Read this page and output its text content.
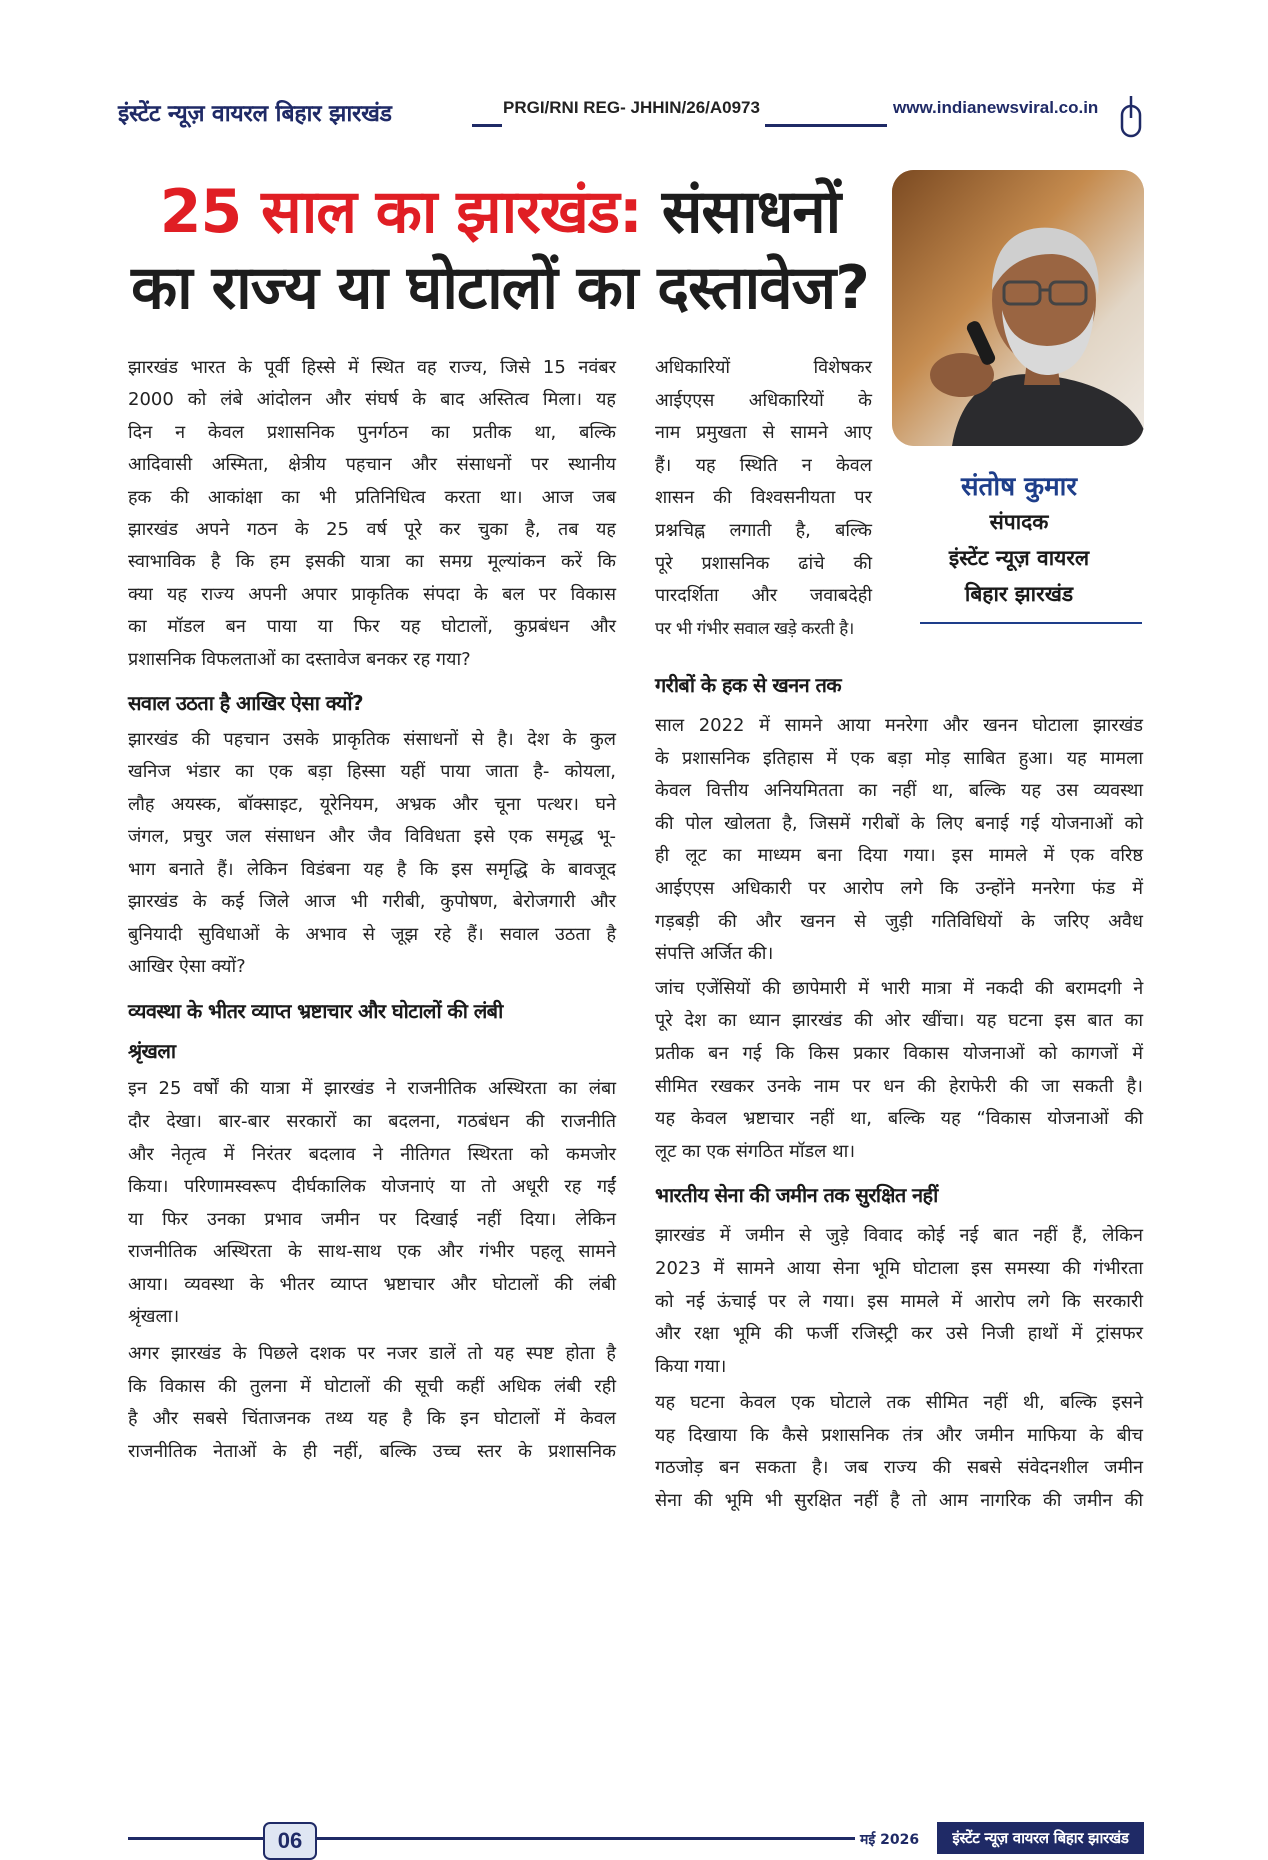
इंस्टेंट न्यूज़ वायरल बिहार झारखंड	PRGI/RNI REG- JHHIN/26/A0973	www.indianewsviral.co.in
25 साल का झारखंड: संसाधनों
का राज्य या घोटालों का दस्तावेज?
संतोष कुमार
संपादक
इंस्टेंट न्यूज़ वायरल
बिहार झारखंड
झारखंड भारत के पूर्वी हिस्से में स्थित वह राज्य, जिसे 15 नवंबर
2000 को लंबे आंदोलन और संघर्ष के बाद अस्तित्व मिला। यह
दिन न केवल प्रशासनिक पुनर्गठन का प्रतीक था, बल्कि
आदिवासी अस्मिता, क्षेत्रीय पहचान और संसाधनों पर स्थानीय
हक की आकांक्षा का भी प्रतिनिधित्व करता था। आज जब
झारखंड अपने गठन के 25 वर्ष पूरे कर चुका है, तब यह
स्वाभाविक है कि हम इसकी यात्रा का समग्र मूल्यांकन करें कि
क्या यह राज्य अपनी अपार प्राकृतिक संपदा के बल पर विकास
का मॉडल बन पाया या फिर यह घोटालों, कुप्रबंधन और
प्रशासनिक विफलताओं का दस्तावेज बनकर रह गया?
सवाल उठता है आखिर ऐसा क्यों?
झारखंड की पहचान उसके प्राकृतिक संसाधनों से है। देश के कुल
खनिज भंडार का एक बड़ा हिस्सा यहीं पाया जाता है- कोयला,
लौह अयस्क, बॉक्साइट, यूरेनियम, अभ्रक और चूना पत्थर। घने
जंगल, प्रचुर जल संसाधन और जैव विविधता इसे एक समृद्ध भू-
भाग बनाते हैं। लेकिन विडंबना यह है कि इस समृद्धि के बावजूद
झारखंड के कई जिले आज भी गरीबी, कुपोषण, बेरोजगारी और
बुनियादी सुविधाओं के अभाव से जूझ रहे हैं। सवाल उठता है
आखिर ऐसा क्यों?
व्यवस्था के भीतर व्याप्त भ्रष्टाचार और घोटालों की लंबी
श्रृंखला
इन 25 वर्षों की यात्रा में झारखंड ने राजनीतिक अस्थिरता का लंबा
दौर देखा। बार-बार सरकारों का बदलना, गठबंधन की राजनीति
और नेतृत्व में निरंतर बदलाव ने नीतिगत स्थिरता को कमजोर
किया। परिणामस्वरूप दीर्घकालिक योजनाएं या तो अधूरी रह गईं
या फिर उनका प्रभाव जमीन पर दिखाई नहीं दिया। लेकिन
राजनीतिक अस्थिरता के साथ-साथ एक और गंभीर पहलू सामने
आया। व्यवस्था के भीतर व्याप्त भ्रष्टाचार और घोटालों की लंबी
श्रृंखला।
अगर झारखंड के पिछले दशक पर नजर डालें तो यह स्पष्ट होता है
कि विकास की तुलना में घोटालों की सूची कहीं अधिक लंबी रही
है और सबसे चिंताजनक तथ्य यह है कि इन घोटालों में केवल
राजनीतिक नेताओं के ही नहीं, बल्कि उच्च स्तर के प्रशासनिक
अधिकारियों विशेषकर
आईएएस अधिकारियों के
नाम प्रमुखता से सामने आए
हैं। यह स्थिति न केवल
शासन की विश्वसनीयता पर
प्रश्नचिह्न लगाती है, बल्कि
पूरे प्रशासनिक ढांचे की
पारदर्शिता और जवाबदेही
पर भी गंभीर सवाल खड़े करती है।
गरीबों के हक से खनन तक
साल 2022 में सामने आया मनरेगा और खनन घोटाला झारखंड
के प्रशासनिक इतिहास में एक बड़ा मोड़ साबित हुआ। यह मामला
केवल वित्तीय अनियमितता का नहीं था, बल्कि यह उस व्यवस्था
की पोल खोलता है, जिसमें गरीबों के लिए बनाई गई योजनाओं को
ही लूट का माध्यम बना दिया गया। इस मामले में एक वरिष्ठ
आईएएस अधिकारी पर आरोप लगे कि उन्होंने मनरेगा फंड में
गड़बड़ी की और खनन से जुड़ी गतिविधियों के जरिए अवैध
संपत्ति अर्जित की।
जांच एजेंसियों की छापेमारी में भारी मात्रा में नकदी की बरामदगी ने
पूरे देश का ध्यान झारखंड की ओर खींचा। यह घटना इस बात का
प्रतीक बन गई कि किस प्रकार विकास योजनाओं को कागजों में
सीमित रखकर उनके नाम पर धन की हेराफेरी की जा सकती है।
यह केवल भ्रष्टाचार नहीं था, बल्कि यह “विकास योजनाओं की
लूट का एक संगठित मॉडल था।
भारतीय सेना की जमीन तक सुरक्षित नहीं
झारखंड में जमीन से जुड़े विवाद कोई नई बात नहीं हैं, लेकिन
2023 में सामने आया सेना भूमि घोटाला इस समस्या की गंभीरता
को नई ऊंचाई पर ले गया। इस मामले में आरोप लगे कि सरकारी
और रक्षा भूमि की फर्जी रजिस्ट्री कर उसे निजी हाथों में ट्रांसफर
किया गया।
यह घटना केवल एक घोटाले तक सीमित नहीं थी, बल्कि इसने
यह दिखाया कि कैसे प्रशासनिक तंत्र और जमीन माफिया के बीच
गठजोड़ बन सकता है। जब राज्य की सबसे संवेदनशील जमीन
सेना की भूमि भी सुरक्षित नहीं है तो आम नागरिक की जमीन की
06	मई 2026	इंस्टेंट न्यूज़ वायरल बिहार झारखंड
